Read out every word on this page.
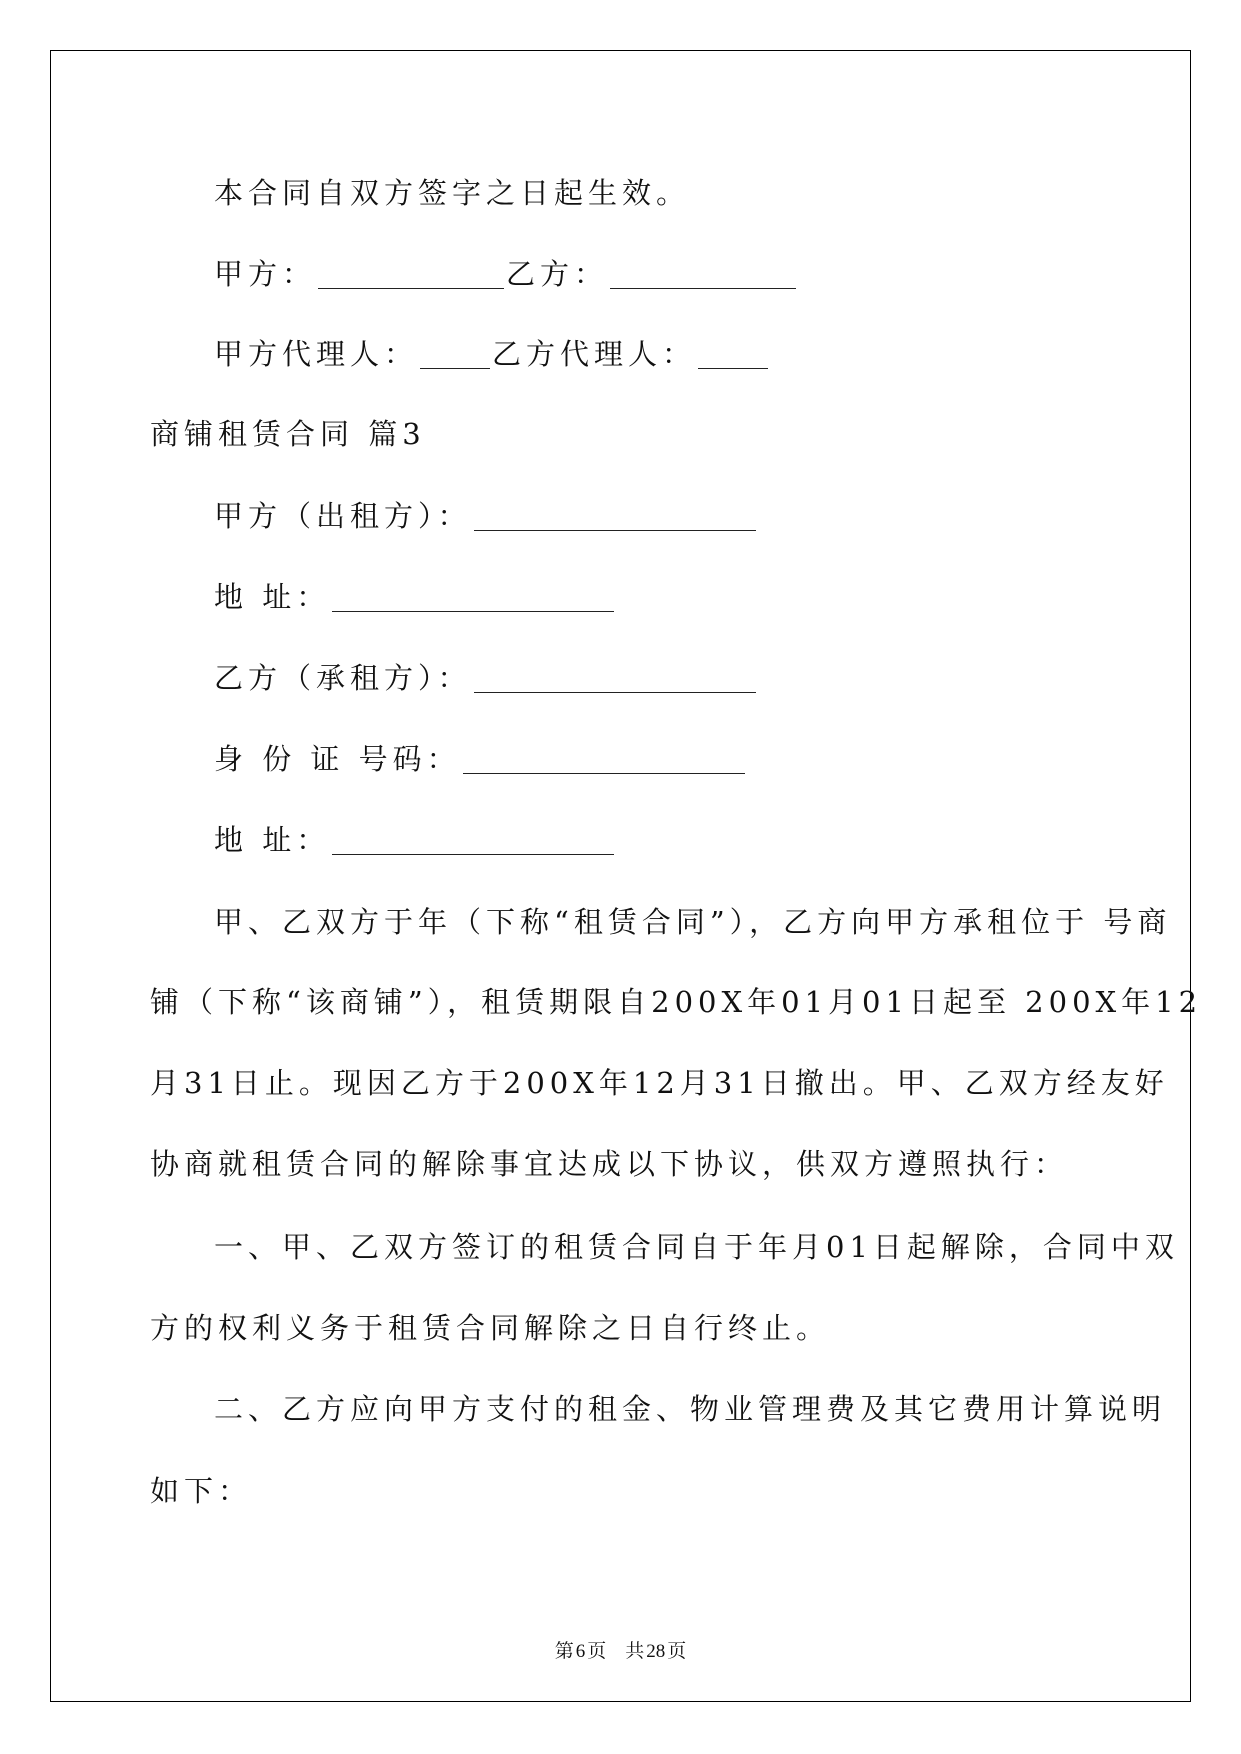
本合同自双方签字之日起生效。
甲方：	乙方：
甲方代理人：	乙方代理人：
商铺租赁合同 篇3
甲方（出租方）：
地 址：
乙方（承租方）：
身 份 证 号码：
地 址：
甲、乙双方于年（下称“租赁合同”），乙方向甲方承租位于 号商
铺（下称“该商铺”），租赁期限自200X年01月01日起至 200X年12
月31日止。现因乙方于200X年12月31日撤出。甲、乙双方经友好
协商就租赁合同的解除事宜达成以下协议，供双方遵照执行：
一、甲、乙双方签订的租赁合同自于年月01日起解除，合同中双
方的权利义务于租赁合同解除之日自行终止。
二、乙方应向甲方支付的租金、物业管理费及其它费用计算说明
如下：
第 6 页    共 28 页
